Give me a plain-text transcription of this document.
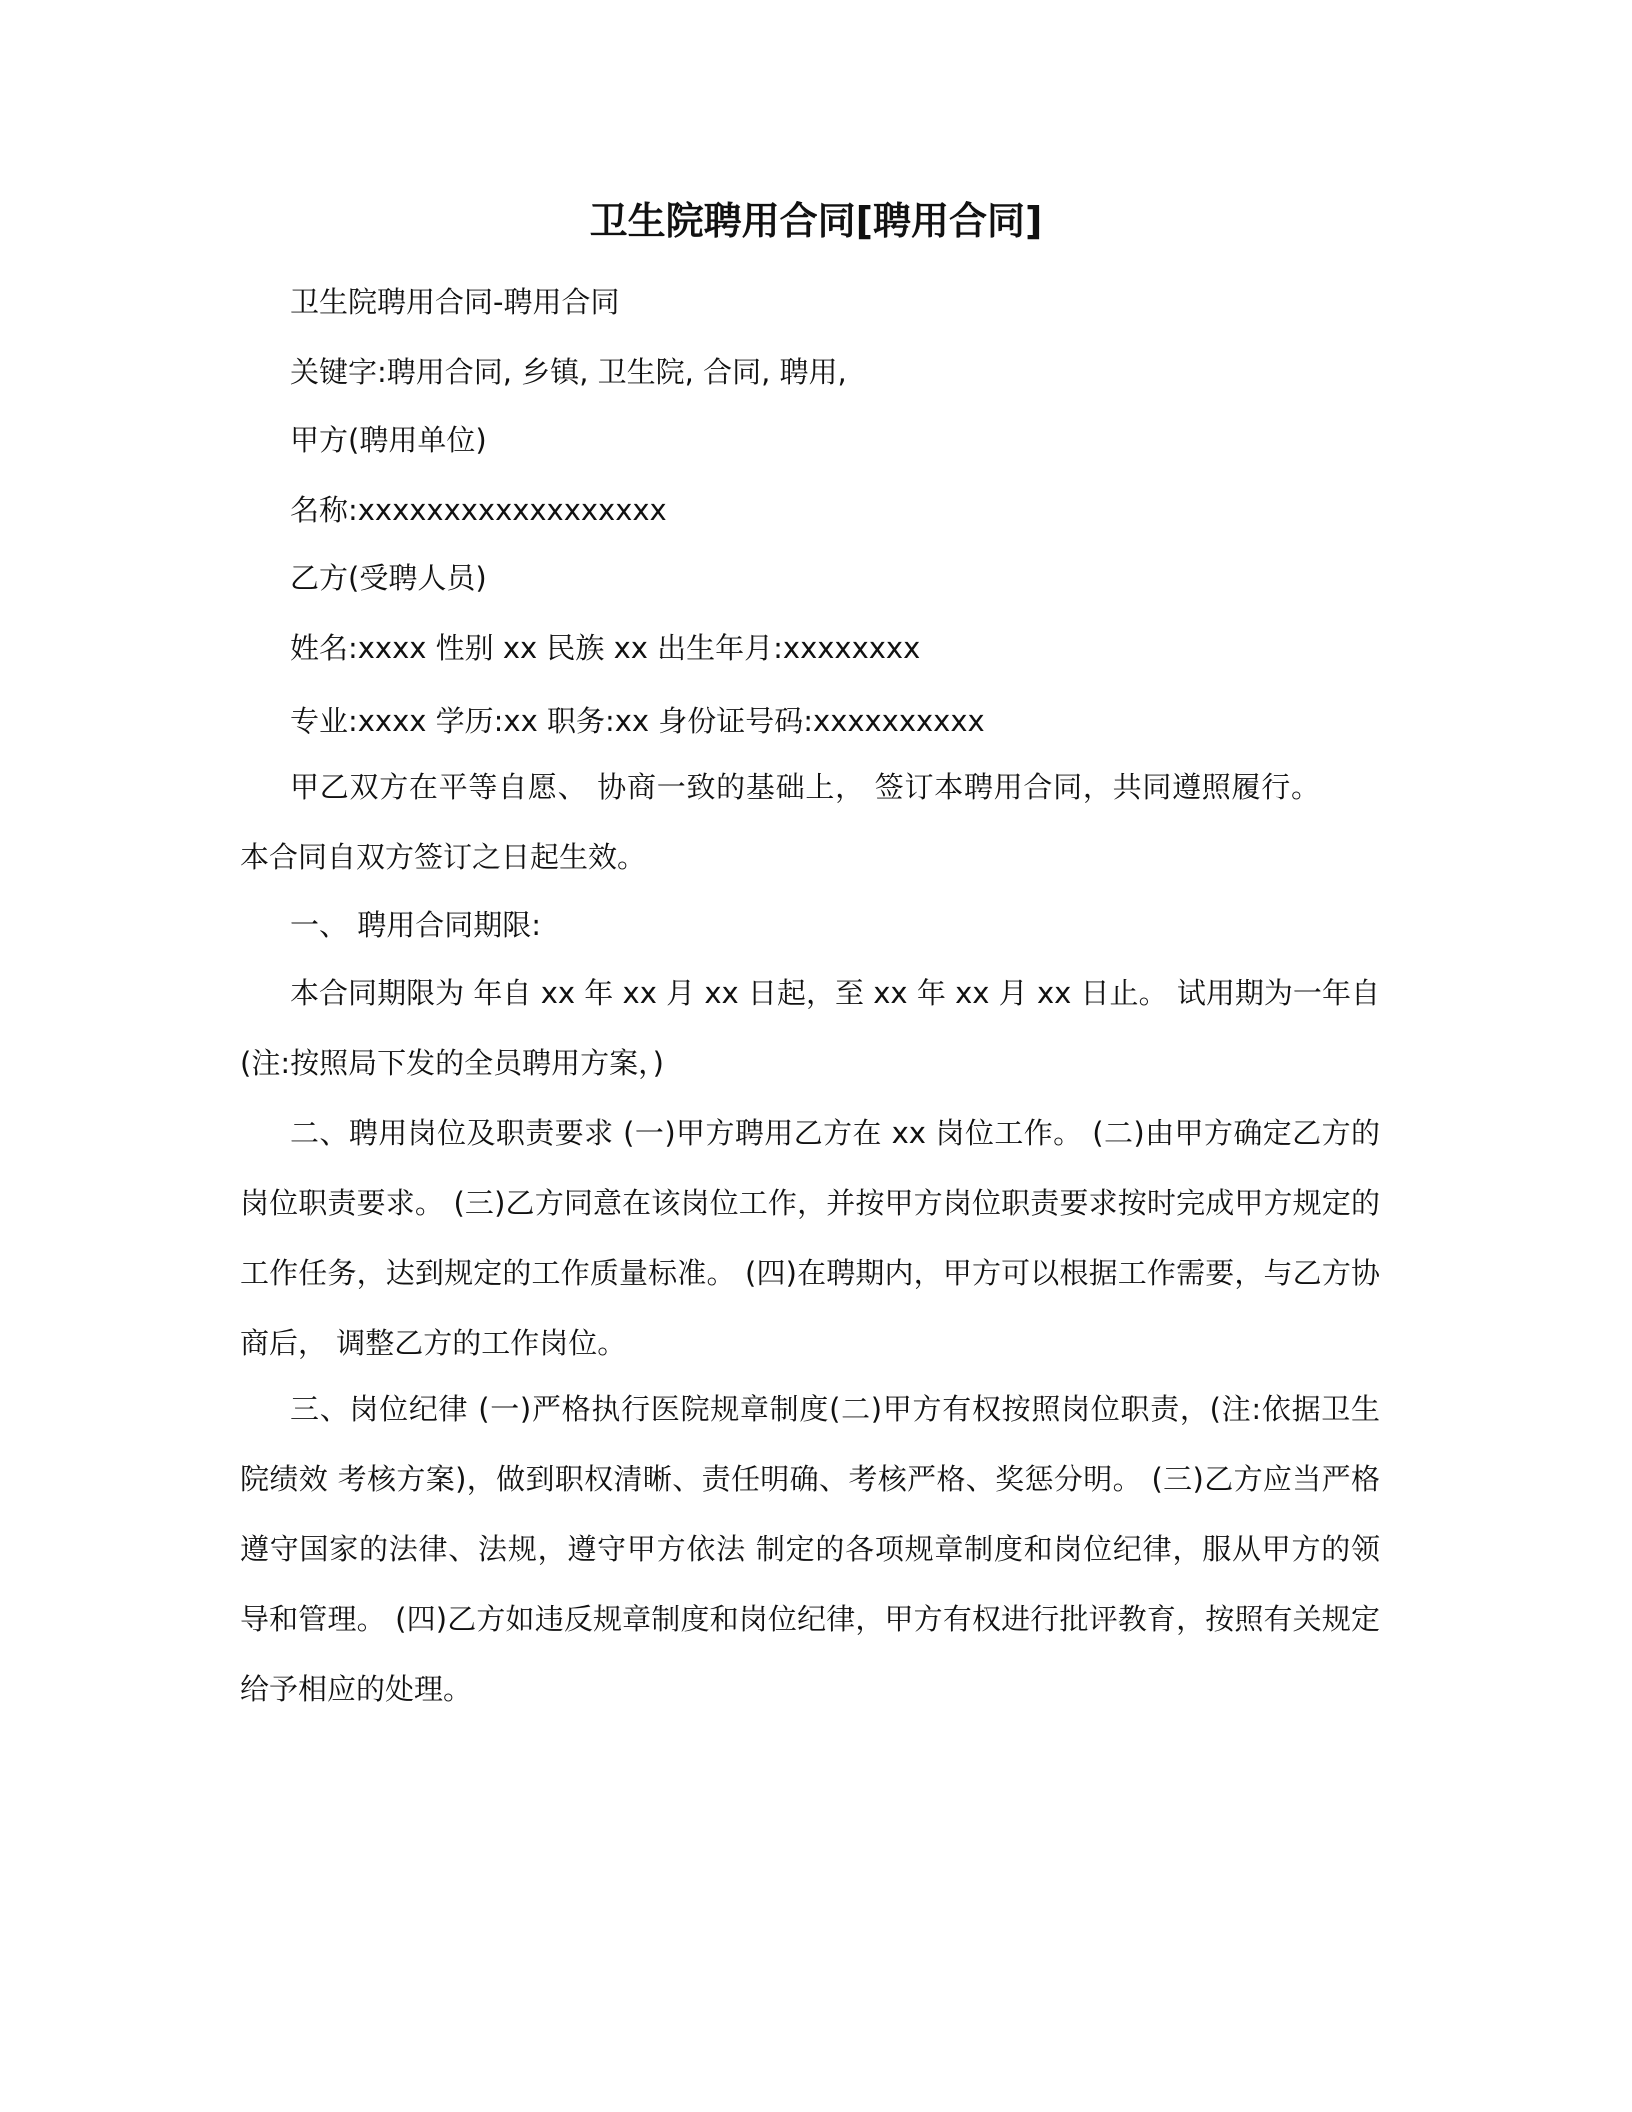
卫生院聘用合同[聘用合同]

卫生院聘用合同-聘用合同

关键字:聘用合同, 乡镇, 卫生院, 合同, 聘用,

甲方(聘用单位)

名称:xxxxxxxxxxxxxxxxxx

乙方(受聘人员)

姓名:xxxx 性别 xx 民族 xx 出生年月:xxxxxxxx

专业:xxxx 学历:xx 职务:xx 身份证号码:xxxxxxxxxx

甲乙双方在平等自愿、 协商一致的基础上， 签订本聘用合同，共同遵照履行。本合同自双方签订之日起生效。

一、 聘用合同期限:

本合同期限为 年自 xx 年 xx 月 xx 日起，至 xx 年 xx 月 xx 日止。 试用期为一年自 (注:按照局下发的全员聘用方案，)

二、聘用岗位及职责要求 (一)甲方聘用乙方在 xx 岗位工作。 (二)由甲方确定乙方的岗位职责要求。 (三)乙方同意在该岗位工作，并按甲方岗位职责要求按时完成甲方规定的工作任务，达到规定的工作质量标准。 (四)在聘期内，甲方可以根据工作需要，与乙方协商后， 调整乙方的工作岗位。

三、岗位纪律 (一)严格执行医院规章制度(二)甲方有权按照岗位职责，(注:依据卫生院绩效 考核方案)，做到职权清晰、责任明确、考核严格、奖惩分明。 (三)乙方应当严格遵守国家的法律、法规，遵守甲方依法 制定的各项规章制度和岗位纪律，服从甲方的领导和管理。 (四)乙方如违反规章制度和岗位纪律，甲方有权进行批评教育，按照有关规定给予相应的处理。
